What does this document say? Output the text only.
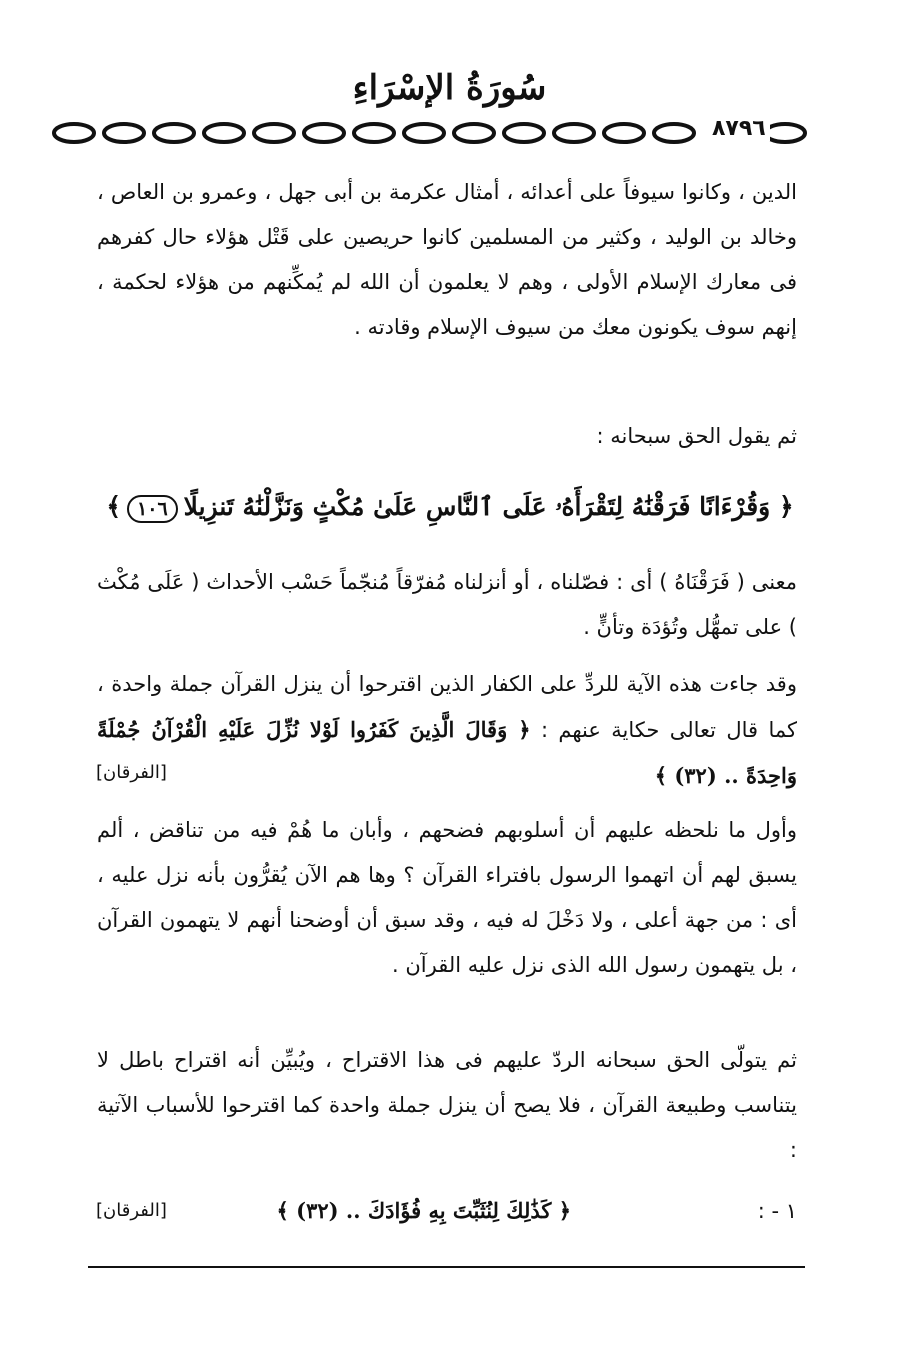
سُورَةُ الإسْرَاءِ
٨٧٩٦
الدين ، وكانوا سيوفاً على أعدائه ، أمثال عكرمة بن أبى جهل ، وعمرو بن العاص ، وخالد بن الوليد ، وكثير من المسلمين كانوا حريصين على قَتْل هؤلاء حال كفرهم فى معارك الإسلام الأولى ، وهم لا يعلمون أن الله لم يُمكِّنهم من هؤلاء لحكمة ، إنهم سوف يكونون معك من سيوف الإسلام وقادته .
ثم يقول الحق سبحانه :
﴿ وَقُرْءَانًا فَرَقْنَٰهُ لِتَقْرَأَهُۥ عَلَى ٱلنَّاسِ عَلَىٰ مُكْثٍ وَنَزَّلْنَٰهُ تَنزِيلًا١٠٦﴾
معنى ( فَرَقْنَاهُ ) أى : فصّلناه ، أو أنزلناه مُفرّقاً مُنجّماً حَسْب الأحداث ( عَلَى مُكْث ) على تمهُّل وتُؤدَة وتأنٍّ .
وقد جاءت هذه الآية للردِّ على الكفار الذين اقترحوا أن ينزل القرآن جملة واحدة ، كما قال تعالى حكاية عنهم : ﴿ وَقَالَ الَّذِينَ كَفَرُوا لَوْلا نُزِّلَ عَلَيْهِ الْقُرْآنُ جُمْلَةً وَاحِدَةً .. (٣٢) ﴾
[الفرقان]
وأول ما نلحظه عليهم أن أسلوبهم فضحهم ، وأبان ما هُمْ فيه من تناقض ، ألم يسبق لهم أن اتهموا الرسول بافتراء القرآن ؟ وها هم الآن يُقرُّون بأنه نزل عليه ، أى : من جهة أعلى ، ولا دَخْلَ له فيه ، وقد سبق أن أوضحنا أنهم لا يتهمون القرآن ، بل يتهمون رسول الله الذى نزل عليه القرآن .
ثم يتولّى الحق سبحانه الردّ عليهم فى هذا الاقتراح ، ويُبيِّن أنه اقتراح باطل لا يتناسب وطبيعة القرآن ، فلا يصح أن ينزل جملة واحدة كما اقترحوا للأسباب الآتية :
١ - : ﴿ كَذَٰلِكَ لِنُثَبِّتَ بِهِ فُؤَادَكَ .. (٣٢) ﴾
[الفرقان]
